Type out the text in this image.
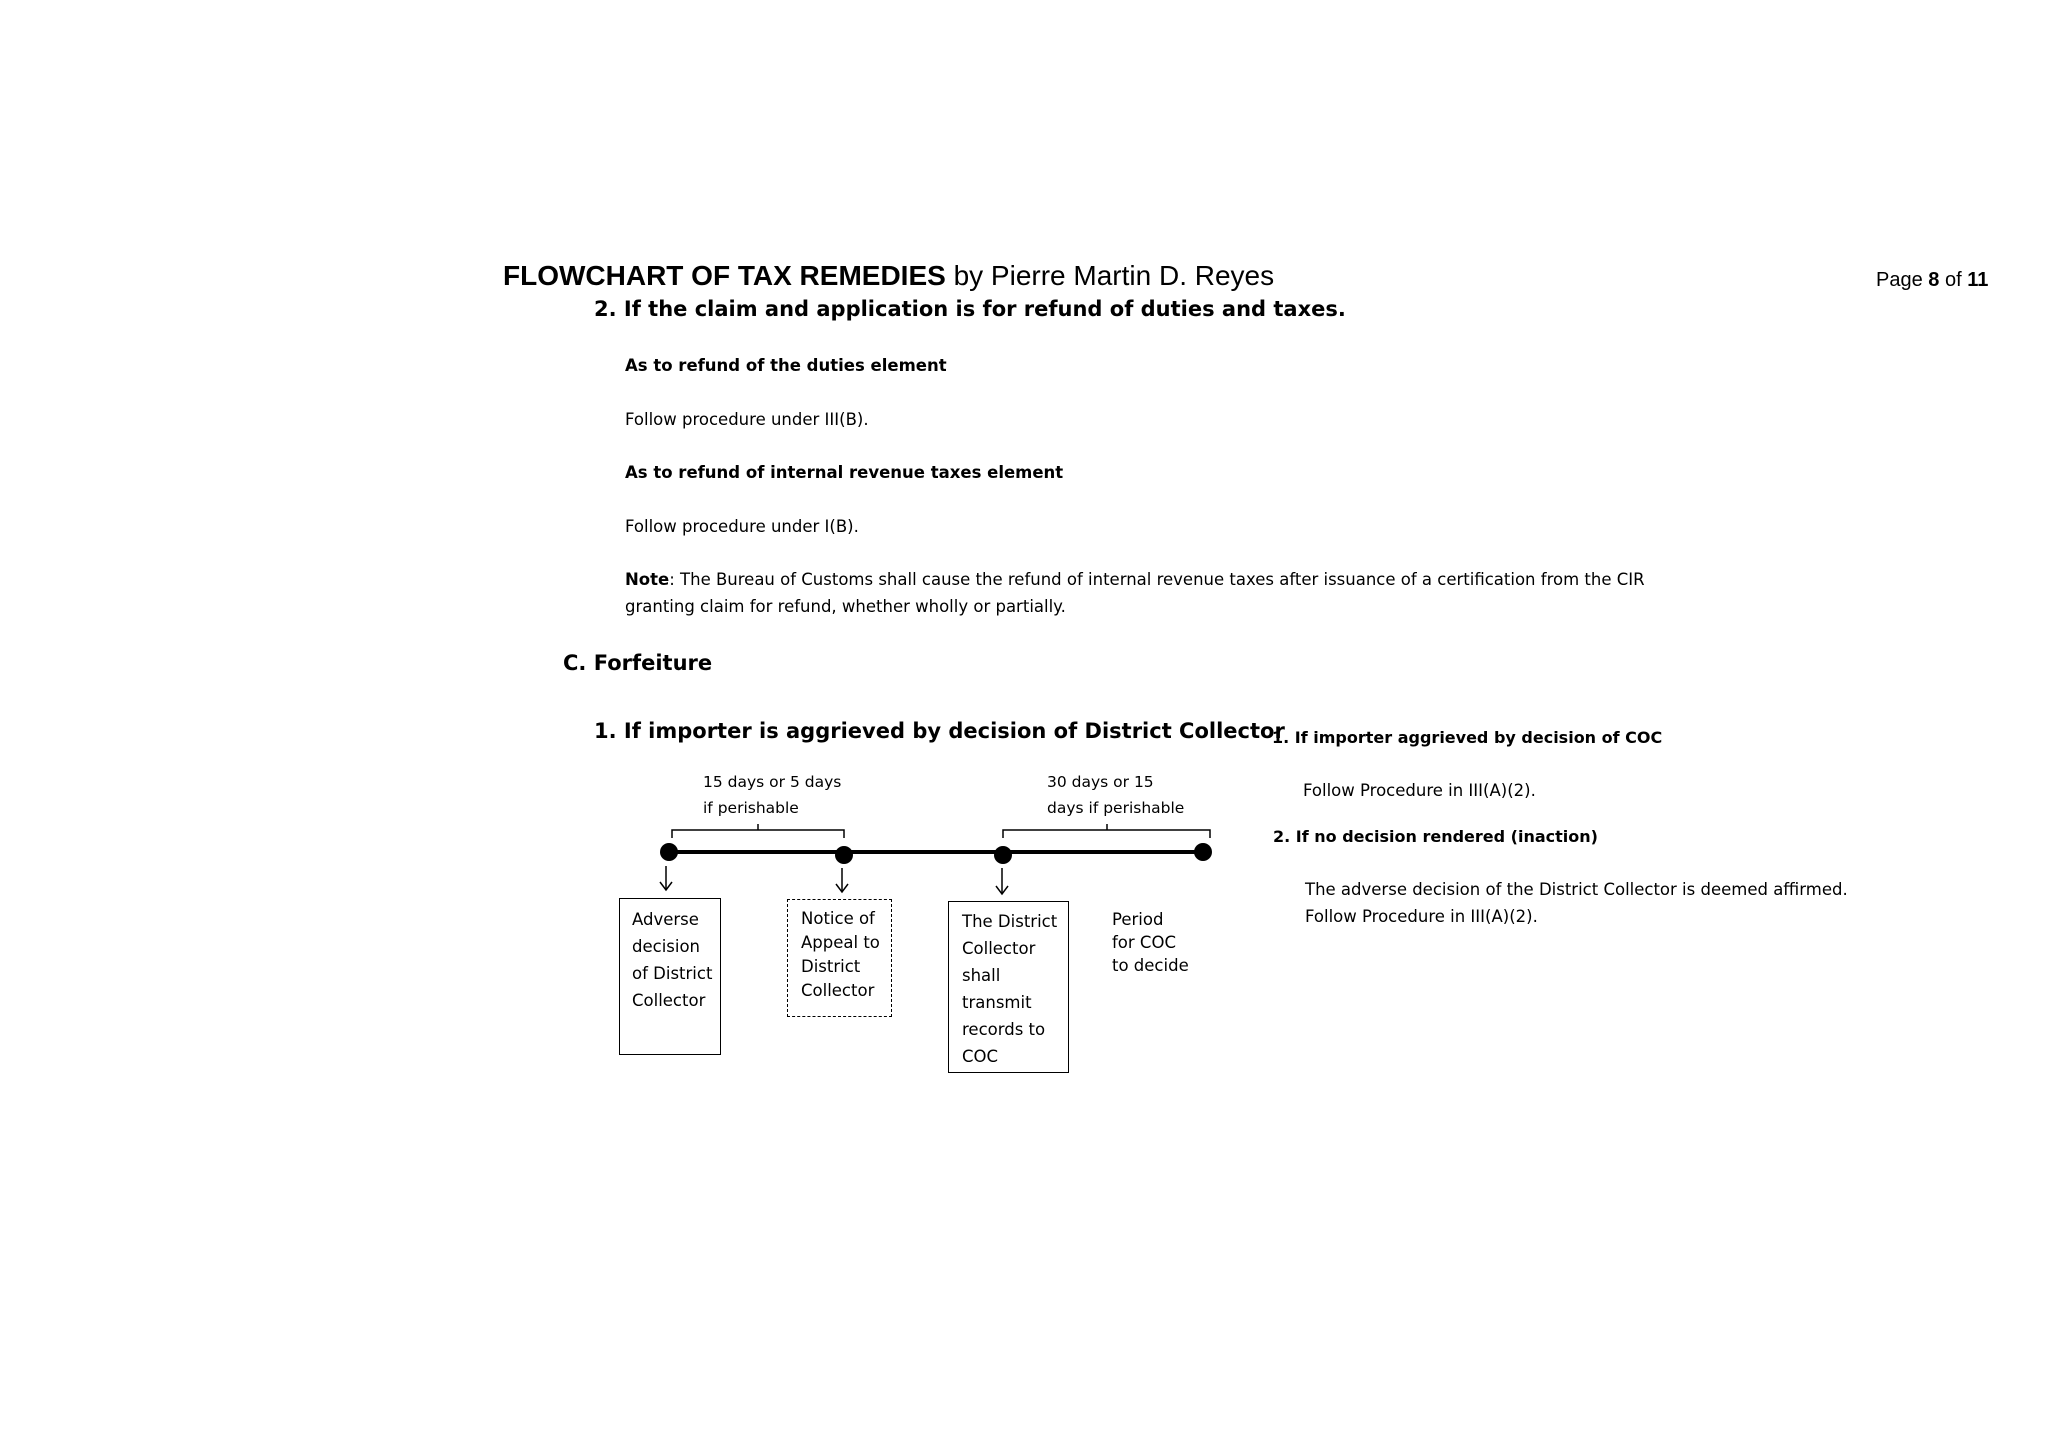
FLOWCHART OF TAX REMEDIES by Pierre Martin D. Reyes	Page 8 of 11
2. If the claim and application is for refund of duties and taxes.
As to refund of the duties element
Follow procedure under III(B).
As to refund of internal revenue taxes element
Follow procedure under I(B).
Note: The Bureau of Customs shall cause the refund of internal revenue taxes after issuance of a certification from the CIR
granting claim for refund, whether wholly or partially.
C. Forfeiture
1. If importer is aggrieved by decision of District Collector
15 days or 5 days
if perishable
30 days or 15
days if perishable
Adverse
decision
of District
Collector
Notice of
Appeal to
District
Collector
The District
Collector
shall
transmit
records to
COC
Period
for COC
to decide
1. If importer aggrieved by decision of COC
Follow Procedure in III(A)(2).
2. If no decision rendered (inaction)
The adverse decision of the District Collector is deemed affirmed.
Follow Procedure in III(A)(2).
